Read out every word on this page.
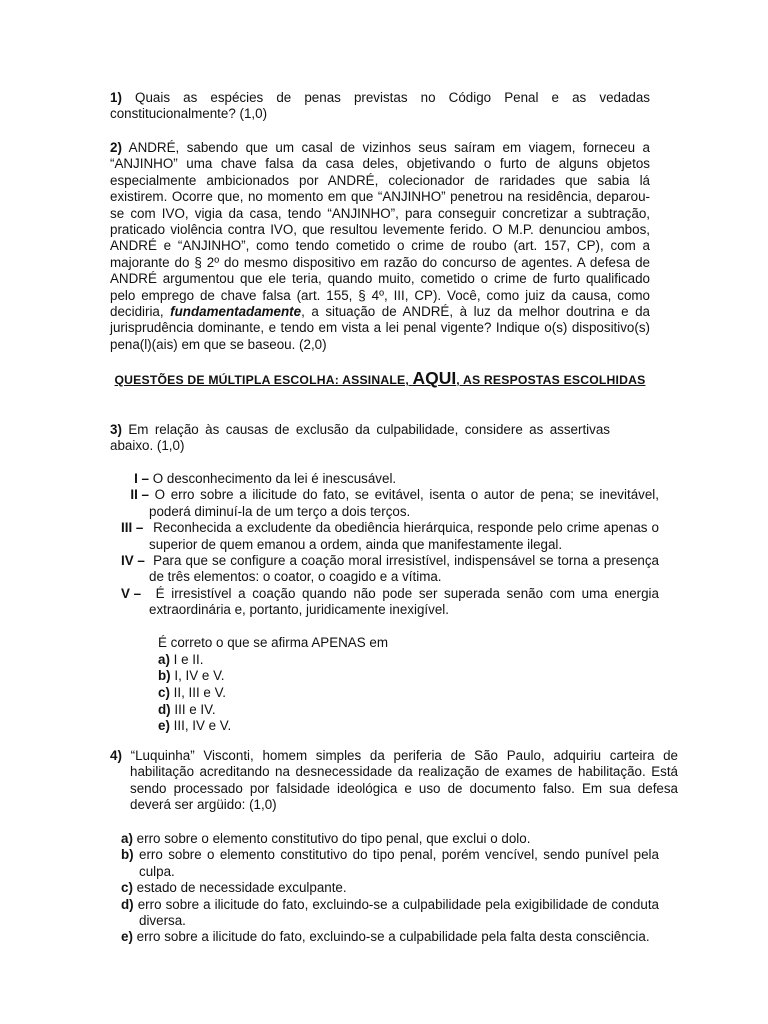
1) Quais as espécies de penas previstas no Código Penal e as vedadas constitucionalmente? (1,0)

2) ANDRÉ, sabendo que um casal de vizinhos seus saíram em viagem, forneceu a “ANJINHO” uma chave falsa da casa deles, objetivando o furto de alguns objetos especialmente ambicionados por ANDRÉ, colecionador de raridades que sabia lá existirem. Ocorre que, no momento em que “ANJINHO” penetrou na residência, deparou-se com IVO, vigia da casa, tendo “ANJINHO”, para conseguir concretizar a subtração, praticado violência contra IVO, que resultou levemente ferido. O M.P. denunciou ambos, ANDRÉ e “ANJINHO”, como tendo cometido o crime de roubo (art. 157, CP), com a majorante do § 2º do mesmo dispositivo em razão do concurso de agentes. A defesa de ANDRÉ argumentou que ele teria, quando muito, cometido o crime de furto qualificado pelo emprego de chave falsa (art. 155, § 4º, III, CP). Você, como juiz da causa, como decidiria, fundamentadamente, a situação de ANDRÉ, à luz da melhor doutrina e da jurisprudência dominante, e tendo em vista a lei penal vigente? Indique o(s) dispositivo(s) pena(l)(ais) em que se baseou. (2,0)

QUESTÕES DE MÚLTIPLA ESCOLHA: ASSINALE, AQUI, AS RESPOSTAS ESCOLHIDAS
3) Em relação às causas de exclusão da culpabilidade, considere as assertivas abaixo. (1,0)
I – O desconhecimento da lei é inescusável.
II – O erro sobre a ilicitude do fato, se evitável, isenta o autor de pena; se inevitável, poderá diminuí-la de um terço a dois terços.
III – Reconhecida a excludente da obediência hierárquica, responde pelo crime apenas o superior de quem emanou a ordem, ainda que manifestamente ilegal.
IV – Para que se configure a coação moral irresistível, indispensável se torna a presença de três elementos: o coator, o coagido e a vítima.
V – É irresistível a coação quando não pode ser superada senão com uma energia extraordinária e, portanto, juridicamente inexigível.
É correto o que se afirma APENAS em
a) I e II.
b) I, IV e V.
c) II, III e V.
d) III e IV.
e) III, IV e V.
4) “Luquinha” Visconti, homem simples da periferia de São Paulo, adquiriu carteira de habilitação acreditando na desnecessidade da realização de exames de habilitação. Está sendo processado por falsidade ideológica e uso de documento falso. Em sua defesa deverá ser argüido: (1,0)
a) erro sobre o elemento constitutivo do tipo penal, que exclui o dolo.
b) erro sobre o elemento constitutivo do tipo penal, porém vencível, sendo punível pela culpa.
c) estado de necessidade exculpante.
d) erro sobre a ilicitude do fato, excluindo-se a culpabilidade pela exigibilidade de conduta diversa.
e) erro sobre a ilicitude do fato, excluindo-se a culpabilidade pela falta desta consciência.
